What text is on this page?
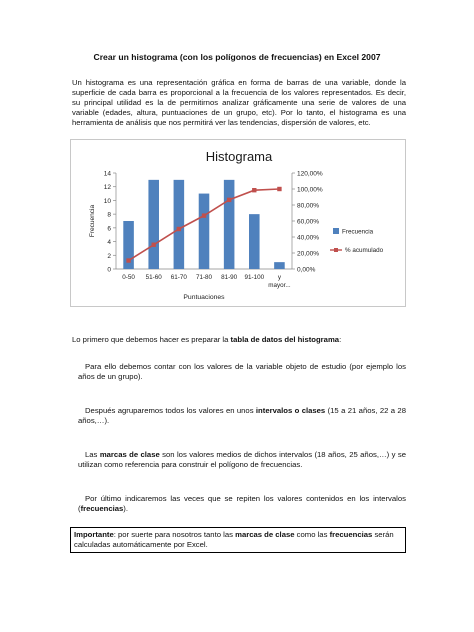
Crear un histograma (con los polígonos de frecuencias) en Excel 2007
Un histograma es una representación gráfica en forma de barras de una variable, donde la superficie de cada barra es proporcional a la frecuencia de los valores representados. Es decir, su principal utilidad es la de permitirnos analizar gráficamente una serie de valores de una variable (edades, altura, puntuaciones de un grupo, etc). Por lo tanto, el histograma es una herramienta de análisis que nos permitirá ver las tendencias, dispersión de valores, etc.
Histograma
0
2
4
6
8
10
12
14
0,00%
20,00%
40,00%
60,00%
80,00%
100,00%
120,00%
Frecuencia
0-50 51-60 61-70 71-80 81-90 91-100 y
mayor...
Puntuaciones
Frecuencia
% acumulado
Lo primero que debemos hacer es preparar la tabla de datos del histograma:
Para ello debemos contar con los valores de la variable objeto de estudio (por ejemplo los años de un grupo).
Después agruparemos todos los valores en unos intervalos o clases (15 a 21 años, 22 a 28 años,…).
Las marcas de clase son los valores medios de dichos intervalos (18 años, 25 años,…) y se utilizan como referencia para construir el polígono de frecuencias.
Por último indicaremos las veces que se repiten los valores contenidos en los intervalos (frecuencias).
Importante: por suerte para nosotros tanto las marcas de clase como las frecuencias serán calculadas automáticamente por Excel.
